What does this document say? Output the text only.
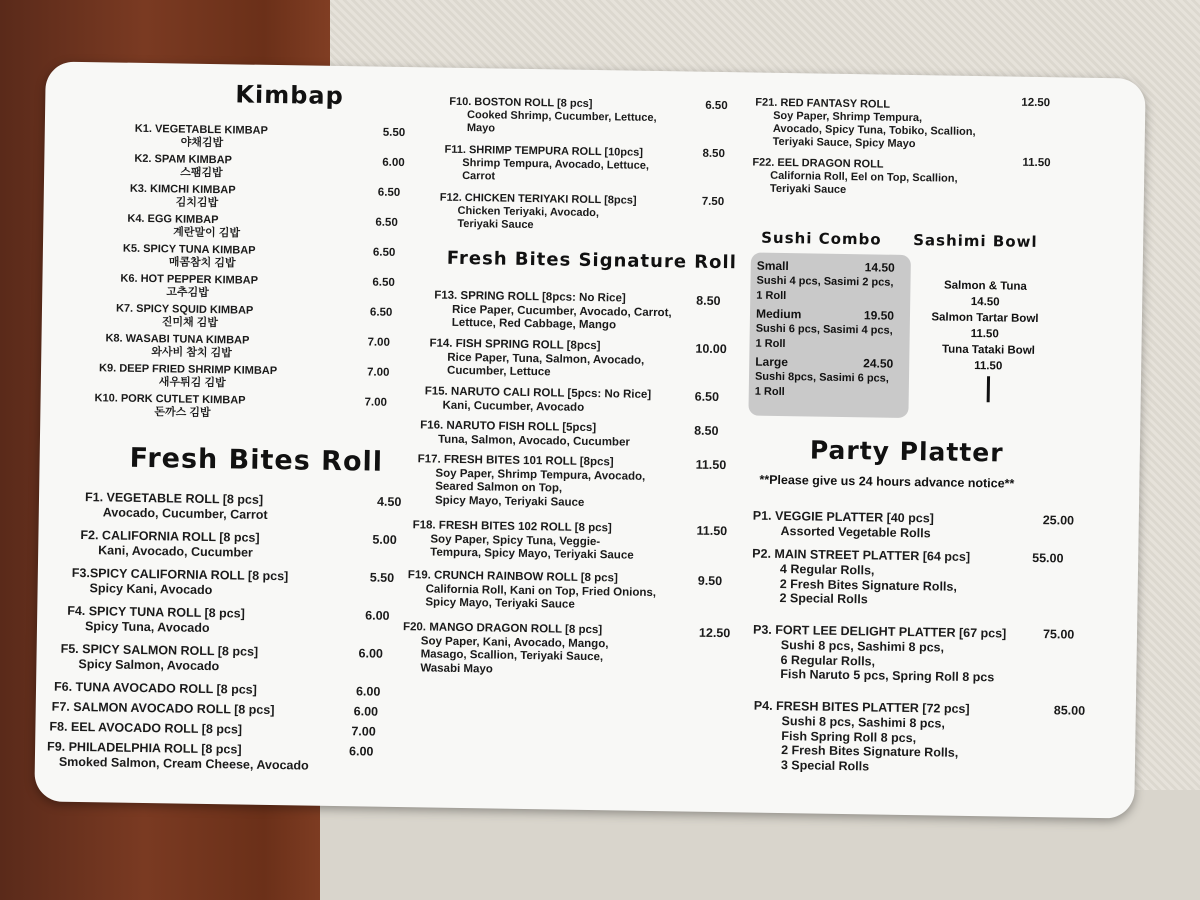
Kimbap
K1. VEGETABLE KIMBAP
야채김밥
5.50
K2. SPAM KIMBAP
스팸김밥
6.00
K3. KIMCHI KIMBAP
김치김밥
6.50
K4. EGG KIMBAP
계란말이 김밥
6.50
K5. SPICY TUNA KIMBAP
매콤참치 김밥
6.50
K6. HOT PEPPER KIMBAP
고추김밥
6.50
K7. SPICY SQUID KIMBAP
진미채 김밥
6.50
K8. WASABI TUNA KIMBAP
와사비 참치 김밥
7.00
K9. DEEP FRIED SHRIMP KIMBAP
새우튀김 김밥
7.00
K10. PORK CUTLET KIMBAP
돈까스 김밥
7.00
Fresh Bites Roll
F1. VEGETABLE ROLL [8 pcs]
Avocado, Cucumber, Carrot
4.50
F2. CALIFORNIA ROLL [8 pcs]
Kani, Avocado, Cucumber
5.00
F3.SPICY CALIFORNIA ROLL [8 pcs]
Spicy Kani, Avocado
5.50
F4. SPICY TUNA ROLL [8 pcs]
Spicy Tuna, Avocado
6.00
F5. SPICY SALMON ROLL [8 pcs]
Spicy Salmon, Avocado
6.00
F6. TUNA AVOCADO ROLL [8 pcs]	6.00
F7. SALMON AVOCADO ROLL [8 pcs]	6.00
F8. EEL AVOCADO ROLL [8 pcs]	7.00
F9. PHILADELPHIA ROLL [8 pcs]
Smoked Salmon, Cream Cheese, Avocado
6.00
F10. BOSTON ROLL [8 pcs]
Cooked Shrimp, Cucumber, Lettuce,
Mayo
6.50
F11. SHRIMP TEMPURA ROLL [10pcs]
Shrimp Tempura, Avocado, Lettuce,
Carrot
8.50
F12. CHICKEN TERIYAKI ROLL [8pcs]
Chicken Teriyaki, Avocado,
Teriyaki Sauce
7.50
Fresh Bites Signature Roll
F13. SPRING ROLL [8pcs: No Rice]
Rice Paper, Cucumber, Avocado, Carrot,
Lettuce, Red Cabbage, Mango
8.50
F14. FISH SPRING ROLL [8pcs]
Rice Paper, Tuna, Salmon, Avocado,
Cucumber, Lettuce
10.00
F15. NARUTO CALI ROLL [5pcs: No Rice]
Kani, Cucumber, Avocado
6.50
F16. NARUTO FISH ROLL [5pcs]
Tuna, Salmon, Avocado, Cucumber
8.50
F17. FRESH BITES 101 ROLL [8pcs]
Soy Paper, Shrimp Tempura, Avocado,
Seared Salmon on Top,
Spicy Mayo, Teriyaki Sauce
11.50
F18. FRESH BITES 102 ROLL [8 pcs]
Soy Paper, Spicy Tuna, Veggie-
Tempura, Spicy Mayo, Teriyaki Sauce
11.50
F19. CRUNCH RAINBOW ROLL [8 pcs]
California Roll, Kani on Top, Fried Onions,
Spicy Mayo, Teriyaki Sauce
9.50
F20. MANGO DRAGON ROLL [8 pcs]
Soy Paper, Kani, Avocado, Mango,
Masago, Scallion, Teriyaki Sauce,
Wasabi Mayo
12.50
F21. RED FANTASY ROLL
Soy Paper, Shrimp Tempura,
Avocado, Spicy Tuna, Tobiko, Scallion,
Teriyaki Sauce, Spicy Mayo
12.50
F22. EEL DRAGON ROLL
California Roll, Eel on Top, Scallion,
Teriyaki Sauce
11.50
Sushi Combo Sashimi Bowl
Small	14.50
Sushi 4 pcs, Sasimi 2 pcs,
1 Roll
Medium	19.50
Sushi 6 pcs, Sasimi 4 pcs,
1 Roll
Large	24.50
Sushi 8pcs, Sasimi 6 pcs,
1 Roll
Salmon & Tuna
14.50
Salmon Tartar Bowl
11.50
Tuna Tataki Bowl
11.50
Party Platter
**Please give us 24 hours advance notice**
P1. VEGGIE PLATTER [40 pcs]
Assorted Vegetable Rolls
25.00
P2. MAIN STREET PLATTER [64 pcs]
4 Regular Rolls,
2 Fresh Bites Signature Rolls,
2 Special Rolls
55.00
P3. FORT LEE DELIGHT PLATTER [67 pcs]
Sushi 8 pcs, Sashimi 8 pcs,
6 Regular Rolls,
Fish Naruto 5 pcs, Spring Roll 8 pcs
75.00
P4. FRESH BITES PLATTER [72 pcs]
Sushi 8 pcs, Sashimi 8 pcs,
Fish Spring Roll 8 pcs,
2 Fresh Bites Signature Rolls,
3 Special Rolls
85.00
